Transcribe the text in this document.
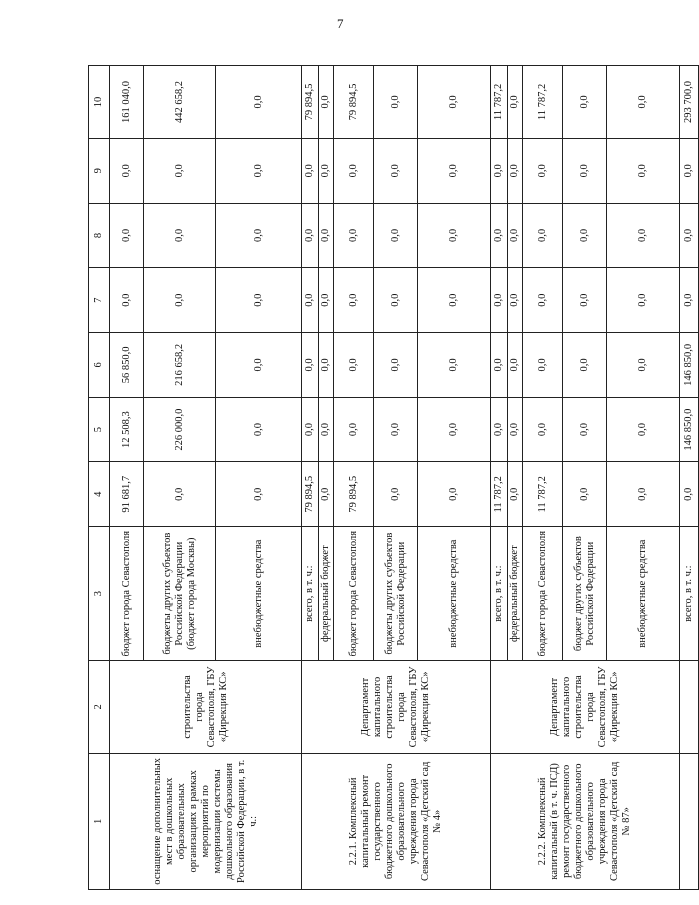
7
1	2	3	4	5	6	7	8	9	10
оснащение дополнительных мест в дошкольных образовательных организациях в рамках мероприятий по модернизации системы дошкольного образования Российской Федерации, в т. ч.:	строительства города Севастополя, ГБУ «Дирекция КС»	бюджет города Севастополя	91 681,7	12 508,3	56 850,0	0,0	0,0	0,0	161 040,0
		бюджеты других субъектов Российской Федерации (бюджет города Москвы)	0,0	226 000,0	216 658,2	0,0	0,0	0,0	442 658,2
		внебюджетные средства	0,0	0,0	0,0	0,0	0,0	0,0	0,0
2.2.1. Комплексный капитальный ремонт государственного бюджетного дошкольного образовательного учреждения города Севастополя «Детский сад № 4»	Департамент капитального строительства города Севастополя, ГБУ «Дирекция КС»	всего, в т. ч.:	79 894,5	0,0	0,0	0,0	0,0	0,0	79 894,5
		федеральный бюджет	0,0	0,0	0,0	0,0	0,0	0,0	0,0
		бюджет города Севастополя	79 894,5	0,0	0,0	0,0	0,0	0,0	79 894,5
		бюджеты других субъектов Российской Федерации	0,0	0,0	0,0	0,0	0,0	0,0	0,0
		внебюджетные средства	0,0	0,0	0,0	0,0	0,0	0,0	0,0
2.2.2. Комплексный капитальный (в т. ч. ПСД) ремонт государственного бюджетного дошкольного образовательного учреждения города Севастополя «Детский сад № 87»	Департамент капитального строительства города Севастополя, ГБУ «Дирекция КС»	всего, в т. ч.:	11 787,2	0,0	0,0	0,0	0,0	0,0	11 787,2
		федеральный бюджет	0,0	0,0	0,0	0,0	0,0	0,0	0,0
		бюджет города Севастополя	11 787,2	0,0	0,0	0,0	0,0	0,0	11 787,2
		бюджет других субъектов Российской Федерации	0,0	0,0	0,0	0,0	0,0	0,0	0,0
		внебюджетные средства	0,0	0,0	0,0	0,0	0,0	0,0	0,0
		всего, в т. ч.:	0,0	146 850,0	146 850,0	0,0	0,0	0,0	293 700,0
